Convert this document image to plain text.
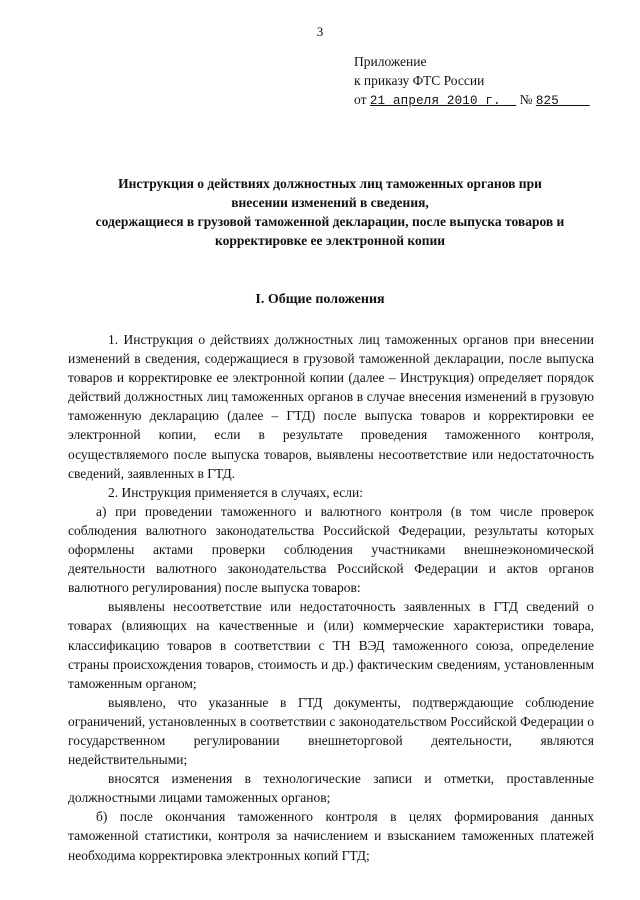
3
Приложение
к приказу ФТС России
от 21 апреля 2010 г. № 825
Инструкция о действиях должностных лиц таможенных органов при
внесении изменений в сведения,
содержащиеся в грузовой таможенной декларации, после выпуска товаров и
корректировке ее электронной копии
I. Общие положения

1. Инструкция о действиях должностных лиц таможенных органов при внесении изменений в сведения, содержащиеся в грузовой таможенной декларации, после выпуска товаров и корректировке ее электронной копии (далее – Инструкция) определяет порядок действий должностных лиц таможенных органов в случае внесения изменений в грузовую таможенную декларацию (далее – ГТД) после выпуска товаров и корректировки ее электронной копии, если в результате проведения таможенного контроля, осуществляемого после выпуска товаров, выявлены несоответствие или недостаточность сведений, заявленных в ГТД.

2. Инструкция применяется в случаях, если:

а) при проведении таможенного и валютного контроля (в том числе проверок соблюдения валютного законодательства Российской Федерации, результаты которых оформлены актами проверки соблюдения участниками внешнеэкономической деятельности валютного законодательства Российской Федерации и актов органов валютного регулирования) после выпуска товаров:

выявлены несоответствие или недостаточность заявленных в ГТД сведений о товарах (влияющих на качественные и (или) коммерческие характеристики товара, классификацию товаров в соответствии с ТН ВЭД таможенного союза, определение страны происхождения товаров, стоимость и др.) фактическим сведениям, установленным таможенным органом;

выявлено, что указанные в ГТД документы, подтверждающие соблюдение ограничений, установленных в соответствии с законодательством Российской Федерации о государственном регулировании внешнеторговой деятельности, являются недействительными;

вносятся изменения в технологические записи и отметки, проставленные должностными лицами таможенных органов;

б) после окончания таможенного контроля в целях формирования данных таможенной статистики, контроля за начислением и взысканием таможенных платежей необходима корректировка электронных копий ГТД;
